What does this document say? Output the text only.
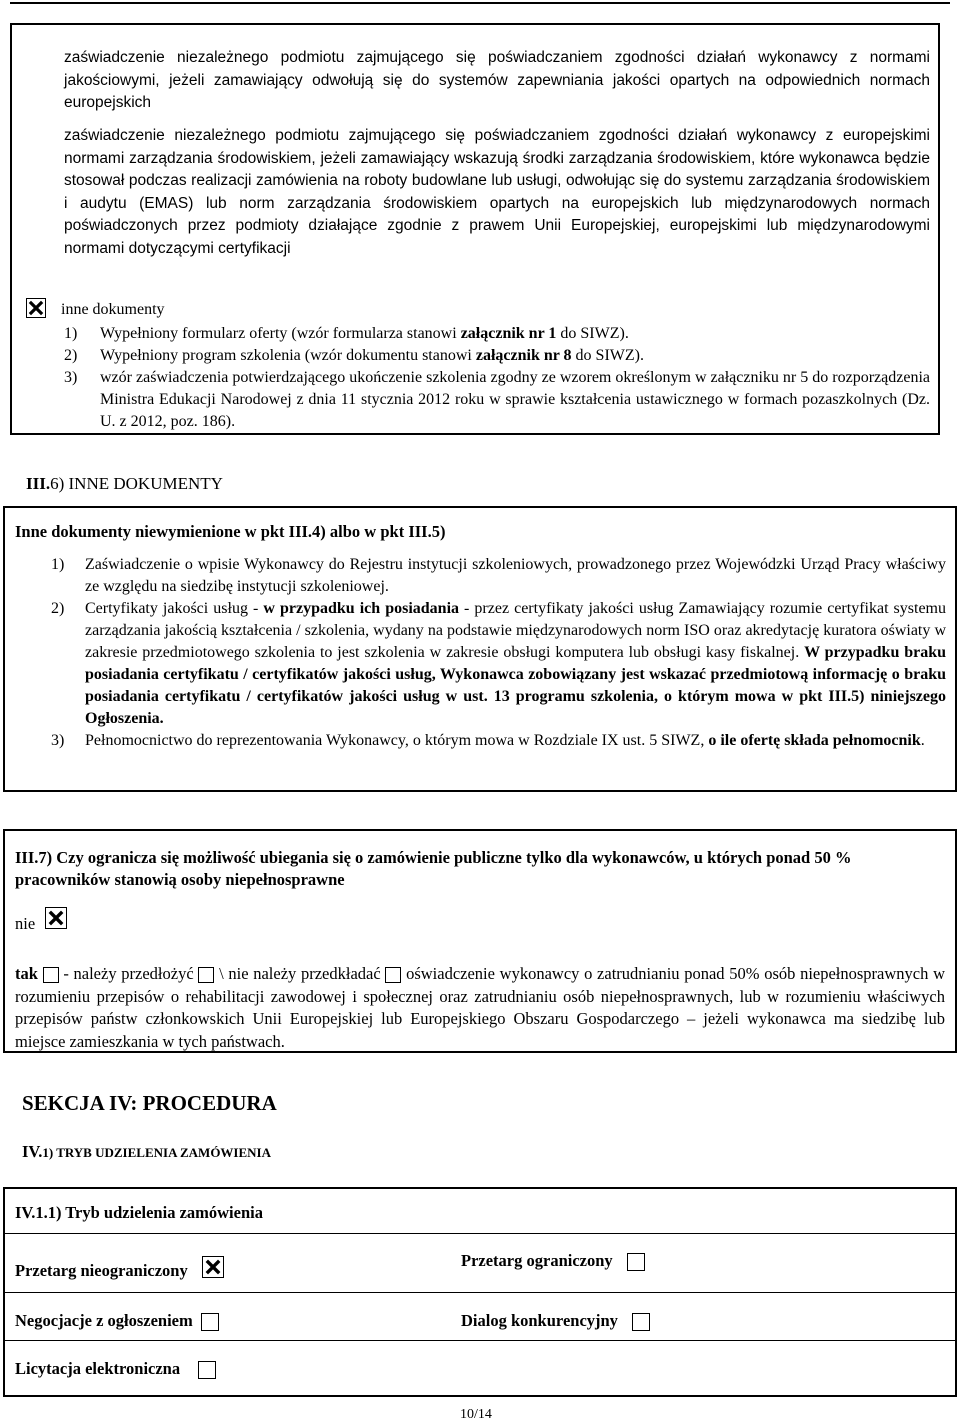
zaświadczenie niezależnego podmiotu zajmującego się poświadczaniem zgodności działań wykonawcy z normami jakościowymi, jeżeli zamawiający odwołują się do systemów zapewniania jakości opartych na odpowiednich normach europejskich
zaświadczenie niezależnego podmiotu zajmującego się poświadczaniem zgodności działań wykonawcy z europejskimi normami zarządzania środowiskiem, jeżeli zamawiający wskazują środki zarządzania środowiskiem, które wykonawca będzie stosował podczas realizacji zamówienia na roboty budowlane lub usługi, odwołując się do systemu zarządzania środowiskiem i audytu (EMAS) lub norm zarządzania środowiskiem opartych na europejskich lub międzynarodowych normach poświadczonych przez podmioty działające zgodnie z prawem Unii Europejskiej, europejskimi lub międzynarodowymi normami dotyczącymi certyfikacji
inne dokumenty
1) Wypełniony formularz oferty (wzór formularza stanowi załącznik nr 1 do SIWZ).
2) Wypełniony program szkolenia (wzór dokumentu stanowi załącznik nr 8 do SIWZ).
3) wzór zaświadczenia potwierdzającego ukończenie szkolenia zgodny ze wzorem określonym w załączniku nr 5 do rozporządzenia Ministra Edukacji Narodowej z dnia 11 stycznia 2012 roku w sprawie kształcenia ustawicznego w formach pozaszkolnych (Dz. U. z 2012, poz. 186).
III.6) INNE DOKUMENTY
Inne dokumenty niewymienione w pkt III.4) albo w pkt III.5)
1) Zaświadczenie o wpisie Wykonawcy do Rejestru instytucji szkoleniowych, prowadzonego przez Wojewódzki Urząd Pracy właściwy ze względu na siedzibę instytucji szkoleniowej.
2) Certyfikaty jakości usług - w przypadku ich posiadania - przez certyfikaty jakości usług Zamawiający rozumie certyfikat systemu zarządzania jakością kształcenia / szkolenia, wydany na podstawie międzynarodowych norm ISO oraz akredytację kuratora oświaty w zakresie przedmiotowego szkolenia to jest szkolenia w zakresie obsługi komputera lub obsługi kasy fiskalnej. W przypadku braku posiadania certyfikatu / certyfikatów jakości usług, Wykonawca zobowiązany jest wskazać przedmiotową informację o braku posiadania certyfikatu / certyfikatów jakości usług w ust. 13 programu szkolenia, o którym mowa w pkt III.5) niniejszego Ogłoszenia.
3) Pełnomocnictwo do reprezentowania Wykonawcy, o którym mowa w Rozdziale IX ust. 5 SIWZ, o ile ofertę składa pełnomocnik.
III.7) Czy ogranicza się możliwość ubiegania się o zamówienie publiczne tylko dla wykonawców, u których ponad 50 % pracowników stanowią osoby niepełnosprawne
nie
tak  - należy przedłożyć  \ nie należy przedkładać  oświadczenie wykonawcy o zatrudnianiu ponad 50% osób niepełnosprawnych w rozumieniu przepisów o rehabilitacji zawodowej i społecznej oraz zatrudnianiu osób niepełnosprawnych, lub w rozumieniu właściwych przepisów państw członkowskich Unii Europejskiej lub Europejskiego Obszaru Gospodarczego – jeżeli wykonawca ma siedzibę lub miejsce zamieszkania w tych państwach.
SEKCJA IV: PROCEDURA
IV.1) TRYB UDZIELENIA ZAMÓWIENIA
IV.1.1) Tryb udzielenia zamówienia
Przetarg nieograniczony
Przetarg ograniczony
Negocjacje z ogłoszeniem	Dialog konkurencyjny
Licytacja elektroniczna
10/14
